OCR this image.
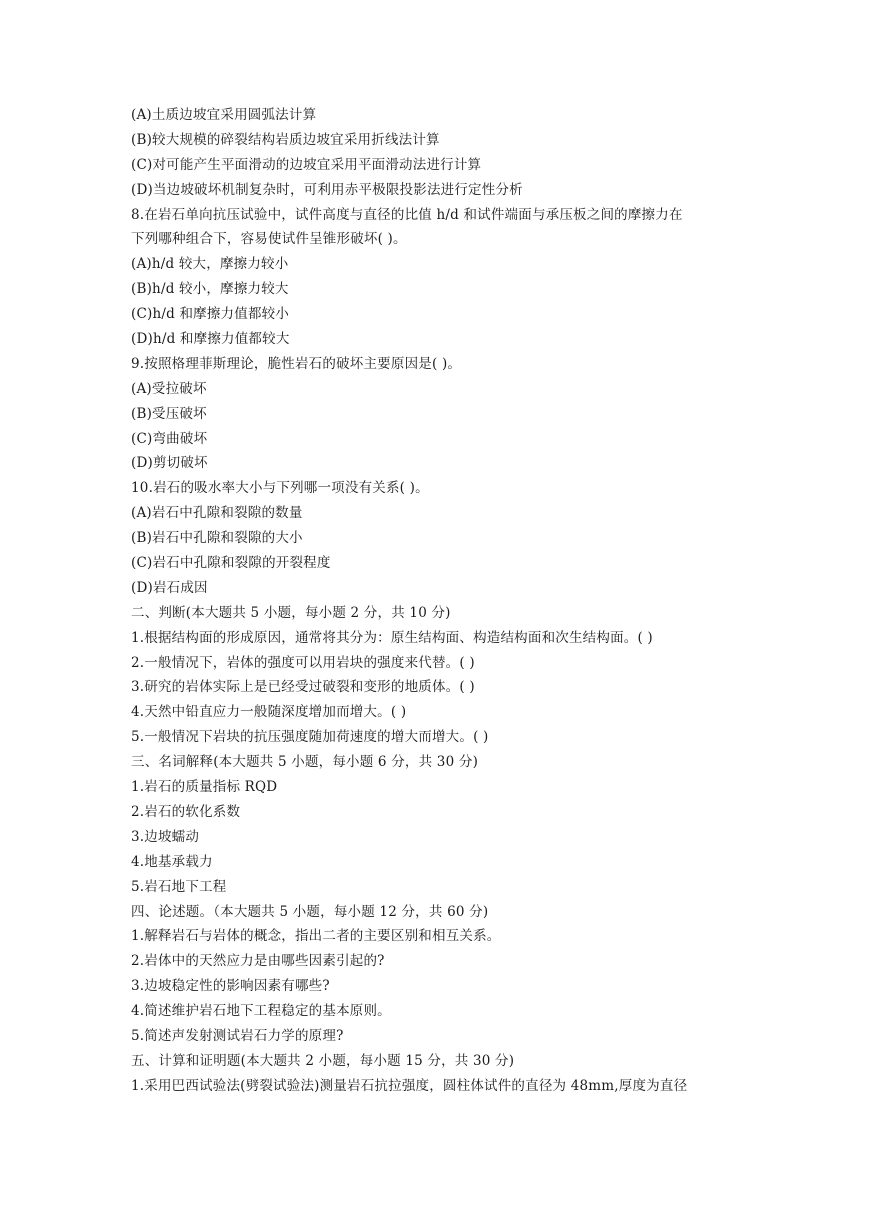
(A)土质边坡宜采用圆弧法计算
(B)较大规模的碎裂结构岩质边坡宜采用折线法计算
(C)对可能产生平面滑动的边坡宜采用平面滑动法进行计算
(D)当边坡破坏机制复杂时，可利用赤平极限投影法进行定性分析
8.在岩石单向抗压试验中，试件高度与直径的比值 h/d 和试件端面与承压板之间的摩擦力在
下列哪种组合下，容易使试件呈锥形破坏( )。
(A)h/d 较大，摩擦力较小
(B)h/d 较小，摩擦力较大
(C)h/d 和摩擦力值都较小
(D)h/d 和摩擦力值都较大
9.按照格理菲斯理论，脆性岩石的破坏主要原因是( )。
(A)受拉破坏
(B)受压破坏
(C)弯曲破坏
(D)剪切破坏
10.岩石的吸水率大小与下列哪一项没有关系( )。
(A)岩石中孔隙和裂隙的数量
(B)岩石中孔隙和裂隙的大小
(C)岩石中孔隙和裂隙的开裂程度
(D)岩石成因
二、判断(本大题共 5 小题，每小题 2 分，共 10 分)
1.根据结构面的形成原因，通常将其分为：原生结构面、构造结构面和次生结构面。( )
2.一般情况下，岩体的强度可以用岩块的强度来代替。( )
3.研究的岩体实际上是已经受过破裂和变形的地质体。( )
4.天然中铅直应力一般随深度增加而增大。( )
5.一般情况下岩块的抗压强度随加荷速度的增大而增大。( )
三、名词解释(本大题共 5 小题，每小题 6 分，共 30 分)
1.岩石的质量指标 RQD
2.岩石的软化系数
3.边坡蠕动
4.地基承载力
5.岩石地下工程
四、论述题。（本大题共 5 小题，每小题 12 分，共 60 分)
1.解释岩石与岩体的概念，指出二者的主要区别和相互关系。
2.岩体中的天然应力是由哪些因素引起的?
3.边坡稳定性的影响因素有哪些?
4.简述维护岩石地下工程稳定的基本原则。
5.简述声发射测试岩石力学的原理?
五、计算和证明题(本大题共 2 小题，每小题 15 分，共 30 分)
1.采用巴西试验法(劈裂试验法)测量岩石抗拉强度，圆柱体试件的直径为 48mm,厚度为直径
